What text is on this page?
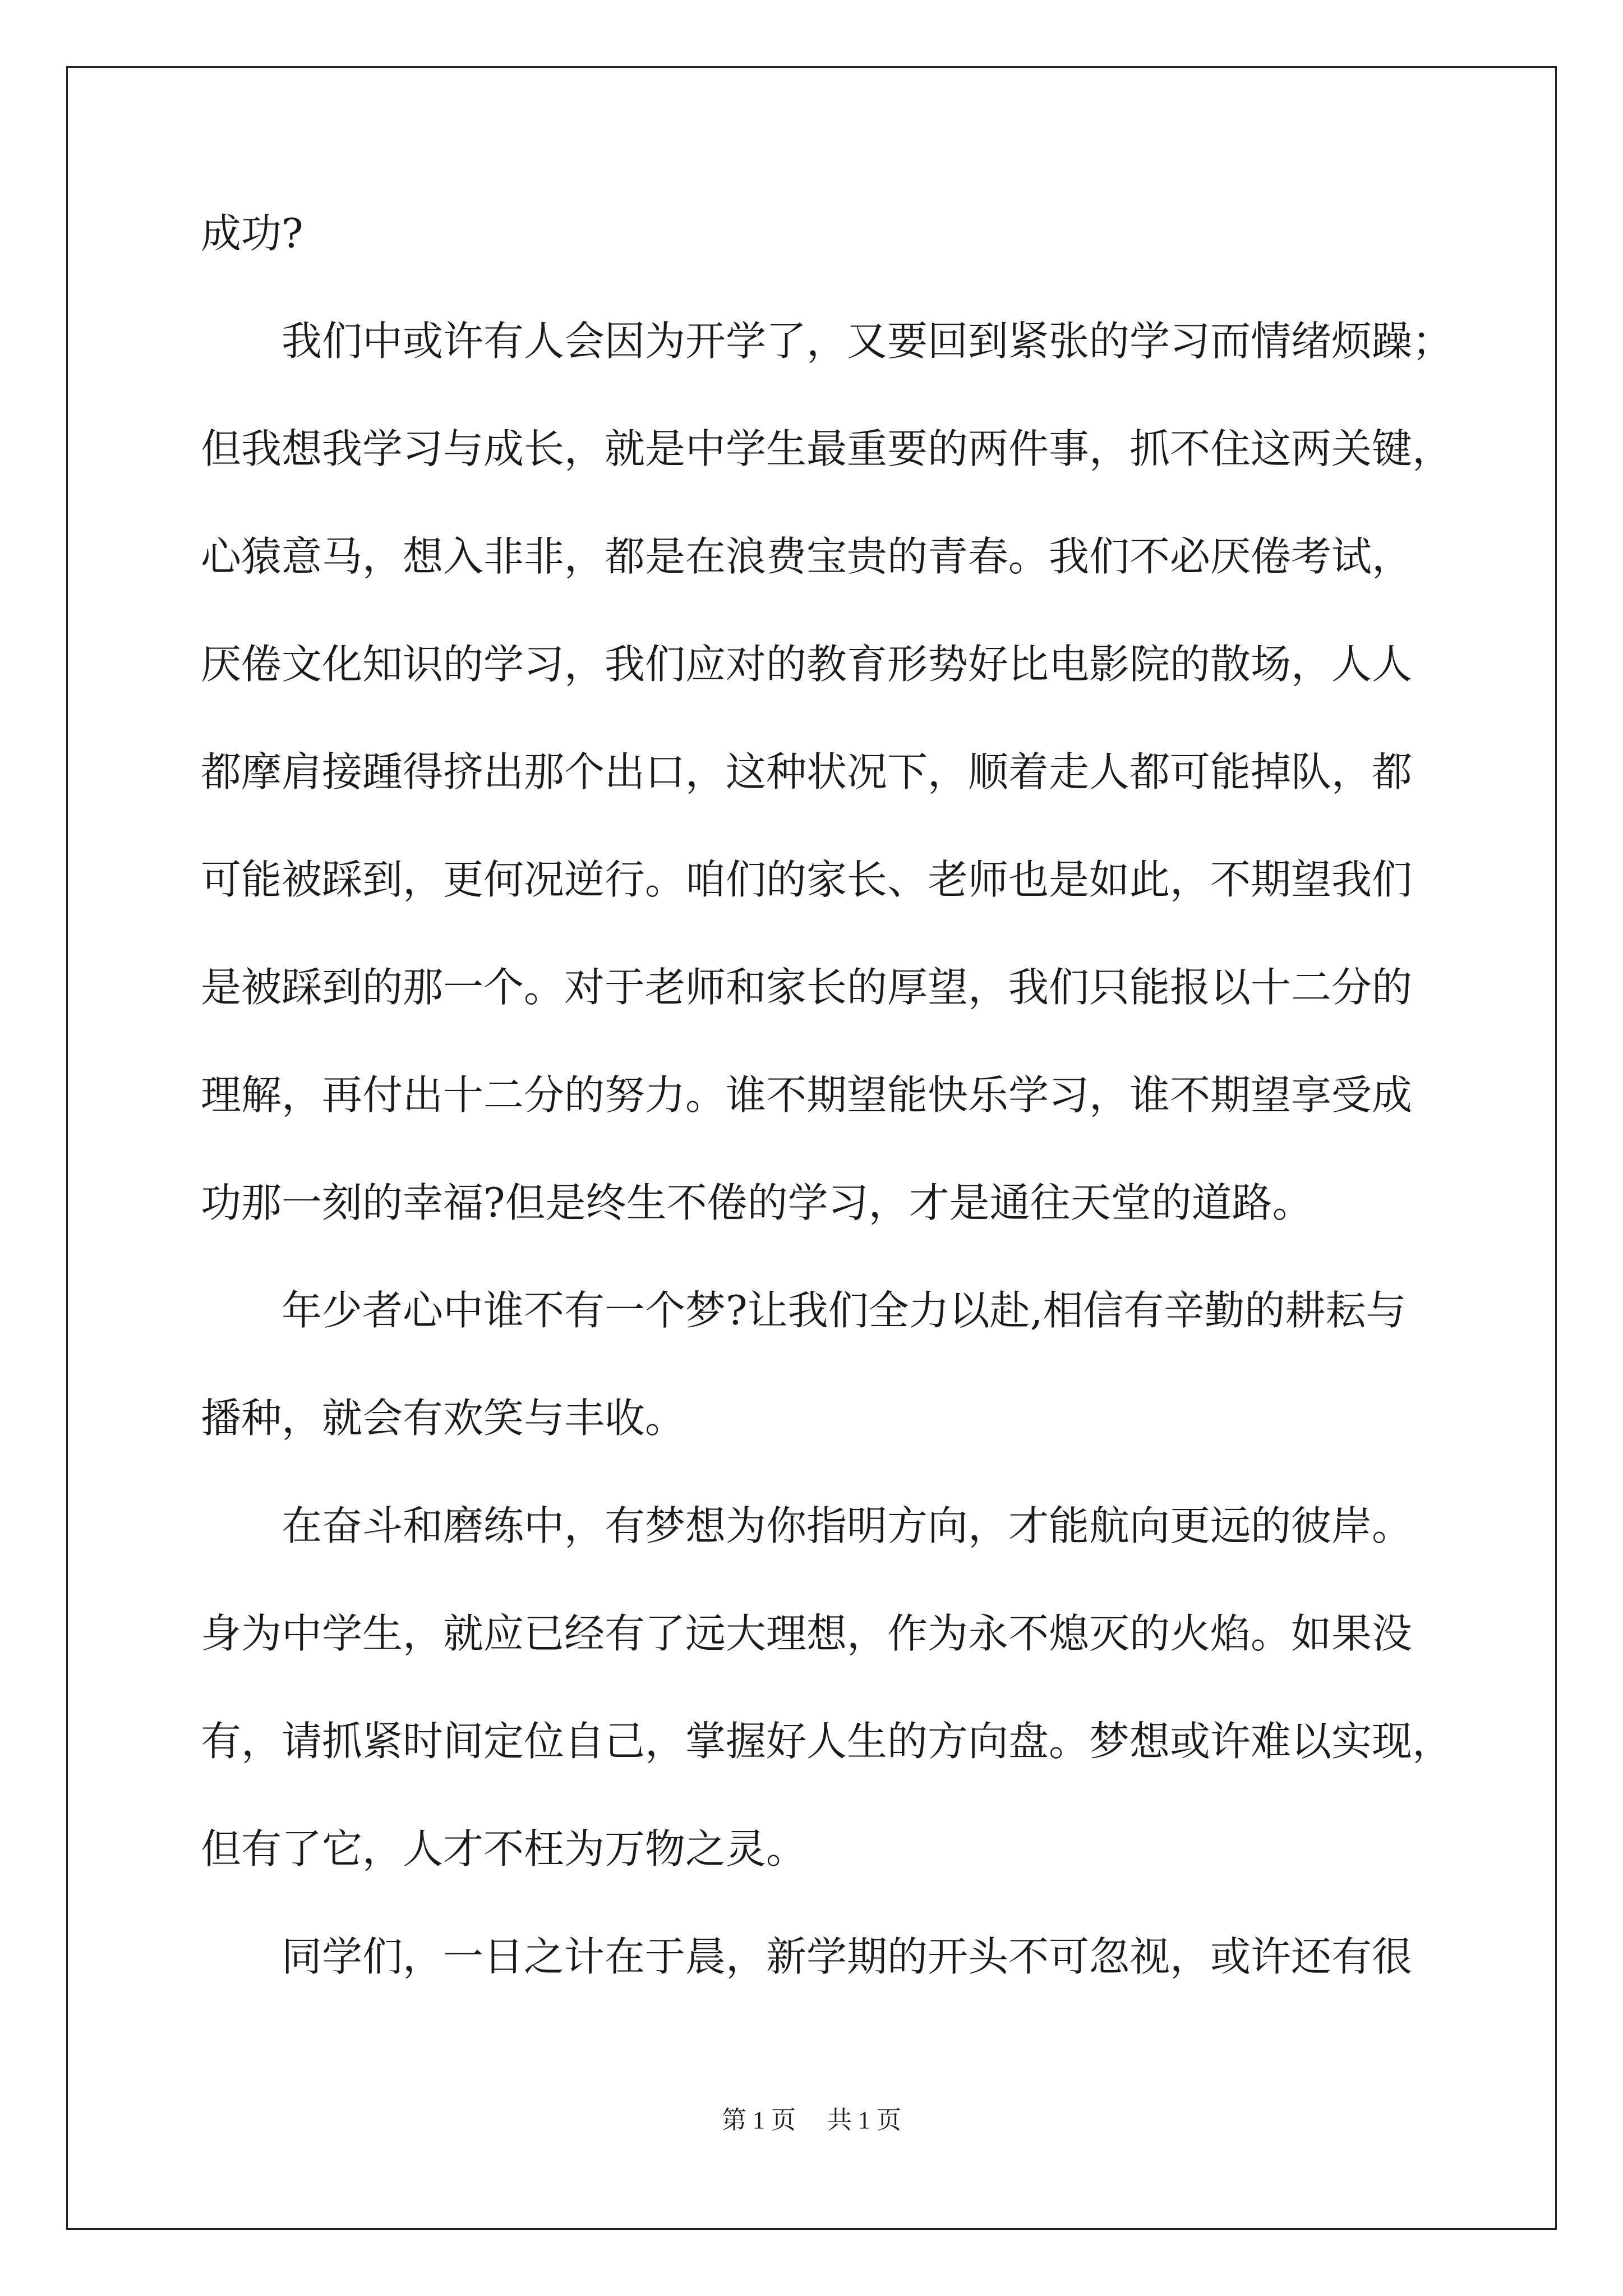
成功?
我们中或许有人会因为开学了，又要回到紧张的学习而情绪烦躁；
但我想我学习与成长，就是中学生最重要的两件事，抓不住这两关键，
心猿意马，想入非非，都是在浪费宝贵的青春。我们不必厌倦考试，
厌倦文化知识的学习，我们应对的教育形势好比电影院的散场，人人
都摩肩接踵得挤出那个出口，这种状况下，顺着走人都可能掉队，都
可能被踩到，更何况逆行。咱们的家长、老师也是如此，不期望我们
是被踩到的那一个。对于老师和家长的厚望，我们只能报以十二分的
理解，再付出十二分的努力。谁不期望能快乐学习，谁不期望享受成
功那一刻的幸福?但是终生不倦的学习，才是通往天堂的道路。
年少者心中谁不有一个梦?让我们全力以赴,相信有辛勤的耕耘与
播种，就会有欢笑与丰收。
在奋斗和磨练中，有梦想为你指明方向，才能航向更远的彼岸。
身为中学生，就应已经有了远大理想，作为永不熄灭的火焰。如果没
有，请抓紧时间定位自己，掌握好人生的方向盘。梦想或许难以实现，
但有了它，人才不枉为万物之灵。
同学们，一日之计在于晨，新学期的开头不可忽视，或许还有很
第 1 页 共 1 页
